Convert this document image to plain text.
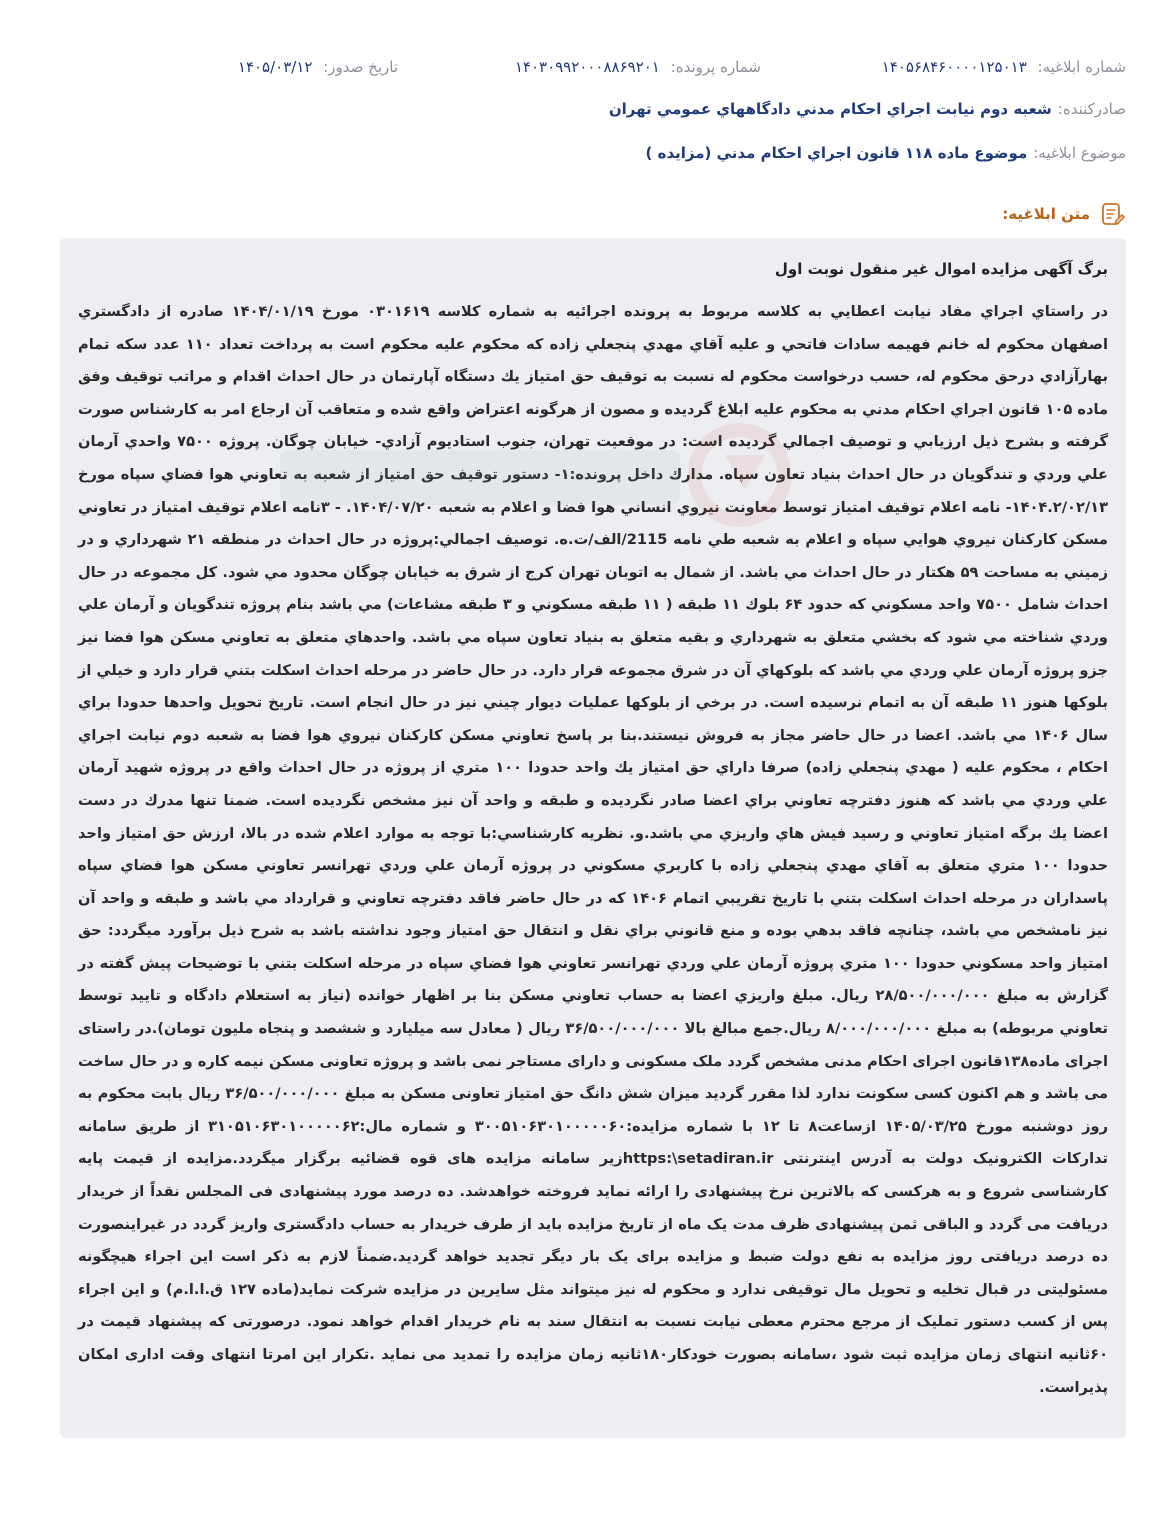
شماره ابلاغیه: ۱۴۰۵۶۸۴۶۰۰۰۰۱۲۵۰۱۳
شماره پرونده: ۱۴۰۳۰۹۹۲۰۰۰۸۸۶۹۲۰۱
تاریخ صدور: ۱۴۰۵/۰۳/۱۲
صادرکننده:
شعبه دوم نيابت اجراي احكام مدني دادگاههاي عمومي تهران
موضوع ابلاغیه:
موضوع ماده ۱۱۸ قانون اجراي احكام مدني (مزايده )
متن ابلاغیه:

برگ آگهی مزایده اموال غیر منقول نوبت اول

در راستاي اجراي مفاد نيابت اعطايي به كلاسه مربوط به پرونده اجرائيه به شماره كلاسه ۰۳۰۱۶۱۹ مورخ ۱۴۰۴/۰۱/۱۹ صادره از دادگستري اصفهان محكوم له خانم فهيمه سادات فاتحي و عليه آقاي مهدي پنجعلي زاده كه محكوم عليه محكوم است به پرداخت تعداد ۱۱۰ عدد سكه تمام بهارآزادي درحق محكوم له، حسب درخواست محكوم له نسبت به توقيف حق امتياز يك دستگاه آپارتمان در حال احداث اقدام و مراتب توقيف وفق ماده ۱۰۵ قانون اجراي احكام مدني به محكوم عليه ابلاغ گرديده و مصون از هرگونه اعتراض واقع شده و متعاقب آن ارجاع امر به كارشناس صورت گرفته و بشرح ذيل ارزيابي و توصيف اجمالي گرديده است: در موقعيت تهران، جنوب استاديوم آزادي- خيابان چوگان. پروژه ۷۵۰۰ واحدي آرمان علي وردي و تندگويان در حال احداث بنياد تعاون سپاه. مدارك داخل پرونده:۱- دستور توقيف حق امتياز از شعبه به تعاوني هوا فضاي سپاه مورخ ۱۴۰۴.۲/۰۲/۱۳- نامه اعلام توقيف امتياز توسط معاونت نيروي انساني هوا فضا و اعلام به شعبه ۱۴۰۴/۰۷/۲۰. - ۳نامه اعلام توقيف امتياز در تعاوني مسكن كاركنان نيروي هوايي سپاه و اعلام به شعبه طي نامه 2115/الف/ت.ه. توصيف اجمالي:پروژه در حال احداث در منطقه ۲۱ شهرداري و در زميني به مساحت ۵۹ هكتار در حال احداث مي باشد. از شمال به اتوبان تهران كرج از شرق به خيابان چوگان محدود مي شود. كل مجموعه در حال احداث شامل ۷۵۰۰ واحد مسكوني كه حدود ۶۴ بلوك ۱۱ طبقه ( ۱۱ طبقه مسكوني و ۳ طبقه مشاعات) مي باشد بنام پروژه تندگويان و آرمان علي وردي شناخته مي شود كه بخشي متعلق به شهرداري و بقيه متعلق به بنياد تعاون سپاه مي باشد. واحدهاي متعلق به تعاوني مسكن هوا فضا نيز جزو پروژه آرمان علي وردي مي باشد كه بلوكهاي آن در شرق مجموعه قرار دارد. در حال حاضر در مرحله احداث اسكلت بتني قرار دارد و خيلي از بلوكها هنوز ۱۱ طبقه آن به اتمام نرسيده است. در برخي از بلوكها عمليات ديوار چيني نيز در حال انجام است. تاريخ تحويل واحدها حدودا براي سال ۱۴۰۶ مي باشد. اعضا در حال حاضر مجاز به فروش نيستند.بنا بر پاسخ تعاوني مسكن كاركنان نيروي هوا فضا به شعبه دوم نيابت اجراي احكام ، محكوم عليه ( مهدي پنجعلي زاده) صرفا داراي حق امتياز يك واحد حدودا ۱۰۰ متري از پروژه در حال احداث واقع در پروژه شهيد آرمان علي وردي مي باشد كه هنوز دفترچه تعاوني براي اعضا صادر نگرديده و طبقه و واحد آن نيز مشخص نگرديده است. ضمنا تنها مدرك در دست اعضا يك برگه امتياز تعاوني و رسيد فيش هاي واريزي مي باشد.و. نظريه كارشناسي:با توجه به موارد اعلام شده در بالا، ارزش حق امتياز واحد حدودا ۱۰۰ متري متعلق به آقاي مهدي پنجعلي زاده با كاربري مسكوني در پروژه آرمان علي وردي تهرانسر تعاوني مسكن هوا فضاي سپاه پاسداران در مرحله احداث اسكلت بتني با تاريخ تقريبي اتمام ۱۴۰۶ كه در حال حاضر فاقد دفترچه تعاوني و قرارداد مي باشد و طبقه و واحد آن نيز نامشخص مي باشد، چنانچه فاقد بدهي بوده و منع قانوني براي نقل و انتقال حق امتياز وجود نداشته باشد به شرح ذيل برآورد ميگردد: حق امتياز واحد مسكوني حدودا ۱۰۰ متري پروژه آرمان علي وردي تهرانسر تعاوني هوا فضاي سپاه در مرحله اسكلت بتني با توضيحات پيش گفته در گزارش به مبلغ ۲۸/۵۰۰/۰۰۰/۰۰۰ ريال. مبلغ واريزي اعضا به حساب تعاوني مسكن بنا بر اظهار خوانده (نياز به استعلام دادگاه و تاييد توسط تعاوني مربوطه) به مبلغ ۸/۰۰۰/۰۰۰/۰۰۰ ريال.جمع مبالغ بالا ۳۶/۵۰۰/۰۰۰/۰۰۰ ريال ( معادل سه ميليارد و ششصد و پنجاه مليون تومان).در راستای اجرای ماده۱۳۸قانون اجرای احکام مدنی مشخص گردد ملک مسکونی و دارای مستاجر نمی باشد و پروژه تعاونی مسکن نیمه کاره و در حال ساخت می باشد و هم اکنون کسی سکونت ندارد لذا مقرر گردید میزان شش دانگ حق امتیاز تعاونی مسکن به مبلغ ۳۶/۵۰۰/۰۰۰/۰۰۰ ریال بابت محکوم به روز دوشنبه مورخ ۱۴۰۵/۰۳/۲۵ ازساعت۸ تا ۱۲ با شماره مزایده:۳۰۰۵۱۰۶۳۰۱۰۰۰۰۰۶۰ و شماره مال:۳۱۰۵۱۰۶۳۰۱۰۰۰۰۰۶۲ از طریق سامانه تدارکات الکترونیک دولت به آدرس اینترنتی https:\setadiran.irزیر سامانه مزایده های قوه قضائیه برگزار میگردد.مزایده از قیمت پایه کارشناسی شروع و به هرکسی که بالاترین نرخ پیشنهادی را ارائه نماید فروخته خواهدشد. ده درصد مورد پیشنهادی فی المجلس نقداً از خریدار دریافت می گردد و الباقی ثمن پیشنهادی ظرف مدت یک ماه از تاریخ مزایده باید از طرف خریدار به حساب دادگستری واریز گردد در غیراینصورت ده درصد دریافتی روز مزایده به نفع دولت ضبط و مزایده برای یک بار دیگر تجدید خواهد گردید.ضمناً لازم به ذکر است این اجراء هیچگونه مسئولیتی در قبال تخلیه و تحویل مال توقیفی ندارد و محکوم له نیز میتواند مثل سایرین در مزایده شرکت نماید(ماده ۱۲۷ ق.ا.ا.م) و این اجراء پس از کسب دستور تملیک از مرجع محترم معطی نیابت نسبت به انتقال سند به نام خریدار اقدام خواهد نمود. درصورتی که پیشنهاد قیمت در ۶۰ثانیه انتهای زمان مزایده ثبت شود ،سامانه بصورت خودکار۱۸۰ثانیه زمان مزایده را تمدید می نماید .تکرار این امرتا انتهای وقت اداری امکان پذیراست.
